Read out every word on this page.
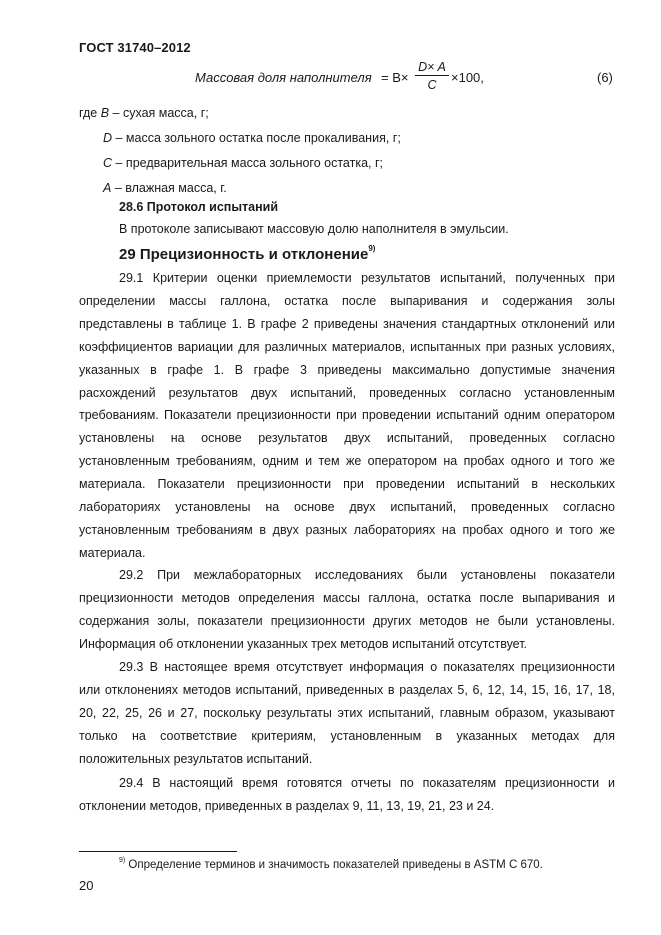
ГОСТ 31740–2012
Массовая доля наполнителя = B×
D× A
C	×100,	(6)
где B – сухая масса, г;
D – масса зольного остатка после прокаливания, г;
C – предварительная масса зольного остатка, г;
A – влажная масса, г.
28.6 Протокол испытаний
В протоколе записывают массовую долю наполнителя в эмульсии.
29 Прецизионность и отклонение$^{9)}$

29.1 Критерии оценки приемлемости результатов испытаний, полученных при определении массы галлона, остатка после выпаривания и содержания золы представлены в таблице 1. В графе 2 приведены значения стандартных отклонений или коэффициентов вариации для различных материалов, испытанных при разных условиях, указанных в графе 1. В графе 3 приведены максимально допустимые значения расхождений результатов двух испытаний, проведенных согласно установленным требованиям. Показатели прецизионности при проведении испытаний одним оператором установлены на основе результатов двух испытаний, проведенных согласно установленным требованиям, одним и тем же оператором на пробах одного и того же материала. Показатели прецизионности при проведении испытаний в нескольких лабораториях установлены на основе двух испытаний, проведенных согласно установленным требованиям в двух разных лабораториях на пробах одного и того же материала.

29.2 При межлабораторных исследованиях были установлены показатели прецизионности методов определения массы галлона, остатка после выпаривания и содержания золы, показатели прецизионности других методов не были установлены. Информация об отклонении указанных трех методов испытаний отсутствует.

29.3 В настоящее время отсутствует информация о показателях прецизионности или отклонениях методов испытаний, приведенных в разделах 5, 6, 12, 14, 15, 16, 17, 18, 20, 22, 25, 26 и 27, поскольку результаты этих испытаний, главным образом, указывают только на соответствие критериям, установленным в указанных методах для положительных результатов испытаний.

29.4 В настоящий время готовятся отчеты по показателям прецизионности и отклонении методов, приведенных в разделах 9, 11, 13, 19, 21, 23 и 24.

$^{9)}$ Определение терминов и значимость показателей приведены в ASTM C 670.
20
